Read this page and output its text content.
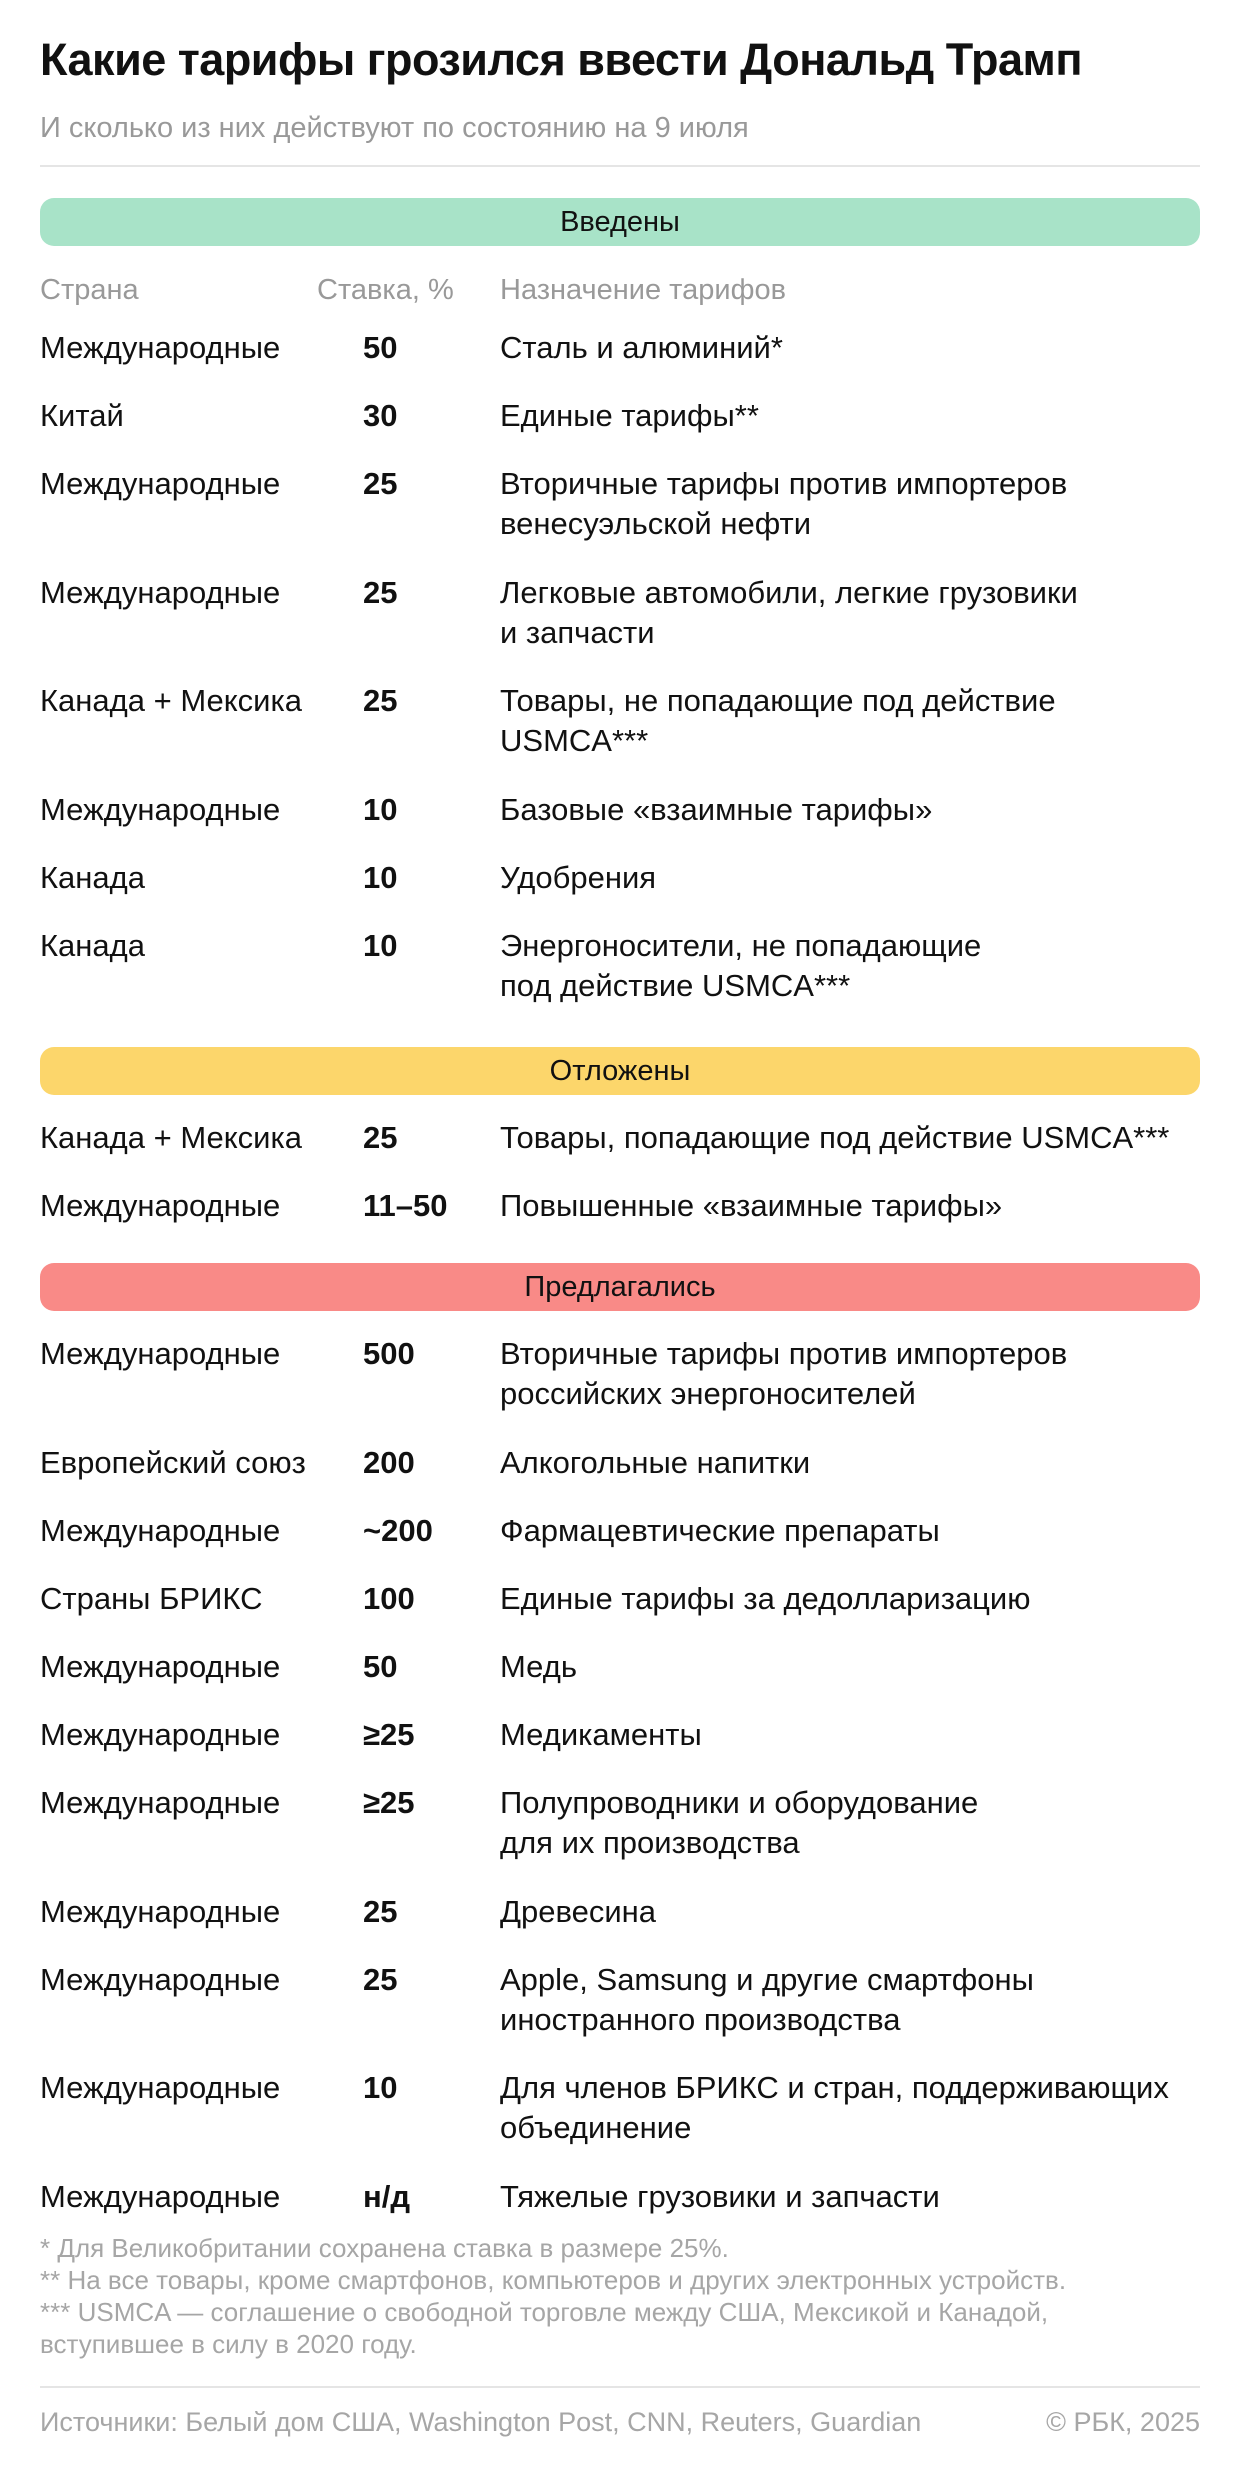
Какие тарифы грозился ввести Дональд Трамп
И сколько из них действуют по состоянию на 9 июля
Введены
Страна	Ставка, % Назначение тарифов
Отложены
Предлагались
Международные	50	Сталь и алюминий*
Китай	30	Единые тарифы**
Международные	25	Вторичные тарифы против импортеров
венесуэльской нефти
Международные	25	Легковые автомобили, легкие грузовики
и запчасти
Канада + Мексика 25	Товары, не попадающие под действие
USMCA***
Международные	10	Базовые «взаимные тарифы»
Канада	10	Удобрения
Канада	10	Энергоносители, не попадающие
под действие USMCA***
Канада + Мексика 25	Товары, попадающие под действие USMCA***
Международные	11–50 Повышенные «взаимные тарифы»
Международные	500	Вторичные тарифы против импортеров
российских энергоносителей
Европейский союз 200	Алкогольные напитки
Международные	~200 Фармацевтические препараты
Страны БРИКС	100	Единые тарифы за дедолларизацию
Международные	50	Медь
Международные	≥25	Медикаменты
Международные	≥25	Полупроводники и оборудование
для их производства
Международные	25	Древесина
Международные	25	Apple, Samsung и другие смартфоны
иностранного производства
Международные	10	Для членов БРИКС и стран, поддерживающих
объединение
Международные	н/д	Тяжелые грузовики и запчасти
* Для Великобритании сохранена ставка в размере 25%.
** На все товары, кроме смартфонов, компьютеров и других электронных устройств.
*** USMCA — соглашение о свободной торговле между США, Мексикой и Канадой,
вступившее в силу в 2020 году.
Источники: Белый дом США, Washington Post, CNN, Reuters, Guardian	© РБК, 2025
